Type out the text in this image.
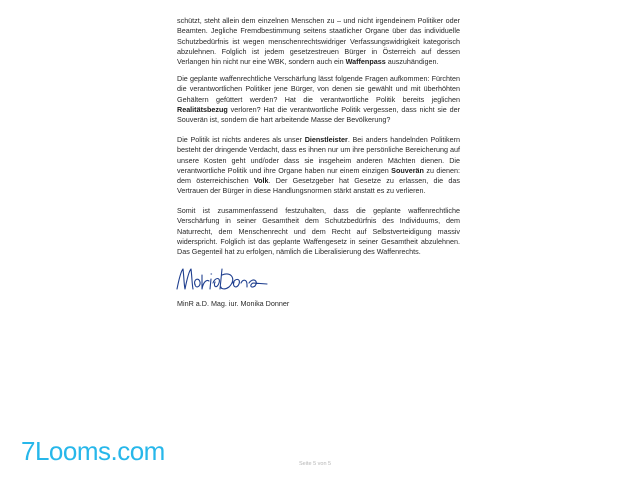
schützt, steht allein dem einzelnen Menschen zu – und nicht irgendeinem Politiker oder Beamten. Jegliche Fremdbestimmung seitens staatlicher Organe über das individuelle Schutzbedürfnis ist wegen menschenrechtswidriger Verfassungswidrigkeit kategorisch abzulehnen. Folglich ist jedem gesetzestreuen Bürger in Österreich auf dessen Verlangen hin nicht nur eine WBK, sondern auch ein Waffenpass auszuhändigen.

Die geplante waffenrechtliche Verschärfung lässt folgende Fragen aufkommen: Fürchten die verantwortlichen Politiker jene Bürger, von denen sie gewählt und mit überhöhten Gehältern gefüttert werden? Hat die verantwortliche Politik bereits jeglichen Realitätsbezug verloren? Hat die verantwortliche Politik vergessen, dass nicht sie der Souverän ist, sondern die hart arbeitende Masse der Bevölkerung?

Die Politik ist nichts anderes als unser Dienstleister. Bei anders handelnden Politikern besteht der dringende Verdacht, dass es ihnen nur um ihre persönliche Bereicherung auf unsere Kosten geht und/oder dass sie insgeheim anderen Mächten dienen. Die verantwortliche Politik und ihre Organe haben nur einem einzigen Souverän zu dienen: dem österreichischen Volk. Der Gesetzgeber hat Gesetze zu erlassen, die das Vertrauen der Bürger in diese Handlungsnormen stärkt anstatt es zu verlieren.

Somit ist zusammenfassend festzuhalten, dass die geplante waffenrechtliche Verschärfung in seiner Gesamtheit dem Schutzbedürfnis des Individuums, dem Naturrecht, dem Menschenrecht und dem Recht auf Selbstverteidigung massiv widerspricht. Folglich ist das geplante Waffengesetz in seiner Gesamtheit abzulehnen. Das Gegenteil hat zu erfolgen, nämlich die Liberalisierung des Waffenrechts.

MinR a.D. Mag. iur. Monika Donner
7Looms.com	Seite 5 von 5
